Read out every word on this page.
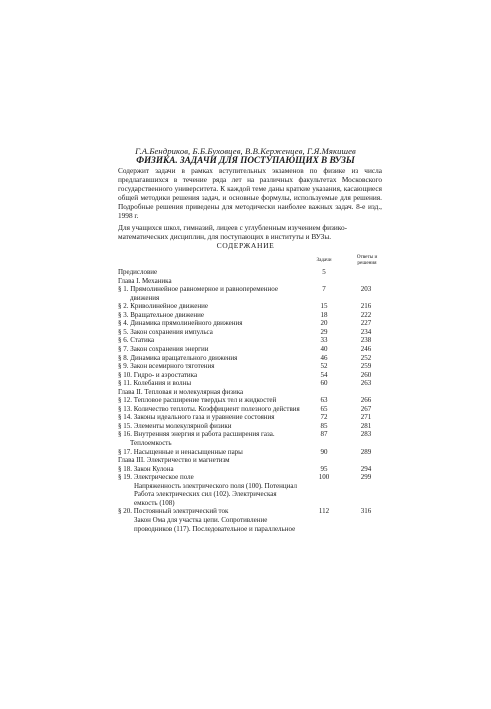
Г.А.Бендриков, Б.Б.Буховцев, В.В.Керженцев, Г.Я.Мякишев
ФИЗИКА. ЗАДАЧИ ДЛЯ ПОСТУПАЮЩИХ В ВУЗЫ
Содержит задачи в рамках вступительных экзаменов по физике из числа предлагавшихся в течение ряда лет на различных факультетах Московского государственного университета. К каждой теме даны краткие указания, касающиеся общей методики решения задач, и основные формулы, используемые для решения. Подробные решения приведены для методически наиболее важных задач. 8-е изд., 1998 г.
Для учащихся школ, гимназий, лицеев с углубленным изучением физико-математических дисциплин, для поступающих в институты и ВУЗы.
СОДЕРЖАНИЕ
Задачи	Ответы и решения
Предисловие	5
Глава I. Механика
§ 1. Прямолинейное равномерное и равнопеременное	7	203
движения
§ 2. Криволинейное движение	15	216
§ 3. Вращательное движение	18	222
§ 4. Динамика прямолинейного движения	20	227
§ 5. Закон сохранения импульса	29	234
§ 6. Статика	33	238
§ 7. Закон сохранения энергии	40	246
§ 8. Динамика вращательного движения	46	252
§ 9. Закон всемирного тяготения	52	259
§ 10. Гидро- и аэростатика	54	260
§ 11. Колебания и волны	60	263
Глава II. Тепловая и молекулярная физика
§ 12. Тепловое расширение твердых тел и жидкостей	63	266
§ 13. Количество теплоты. Коэффициент полезного действия	65	267
§ 14. Законы идеального газа и уравнение состояния	72	271
§ 15. Элементы молекулярной физики	85	281
§ 16. Внутренняя энергия и работа расширения газа.	87	283
Теплоемкость
§ 17. Насыщенные и ненасыщенные пары	90	289
Глава III. Электричество и магнетизм
§ 18. Закон Кулона	95	294
§ 19. Электрическое поле	100	299
Напряженность электрического поля (100). Потенциал
Работа электрических сил (102). Электрическая
емкость (108)
§ 20. Постоянный электрический ток	112	316
Закон Ома для участка цепи. Сопротивление
проводников (117). Последовательное и параллельное
